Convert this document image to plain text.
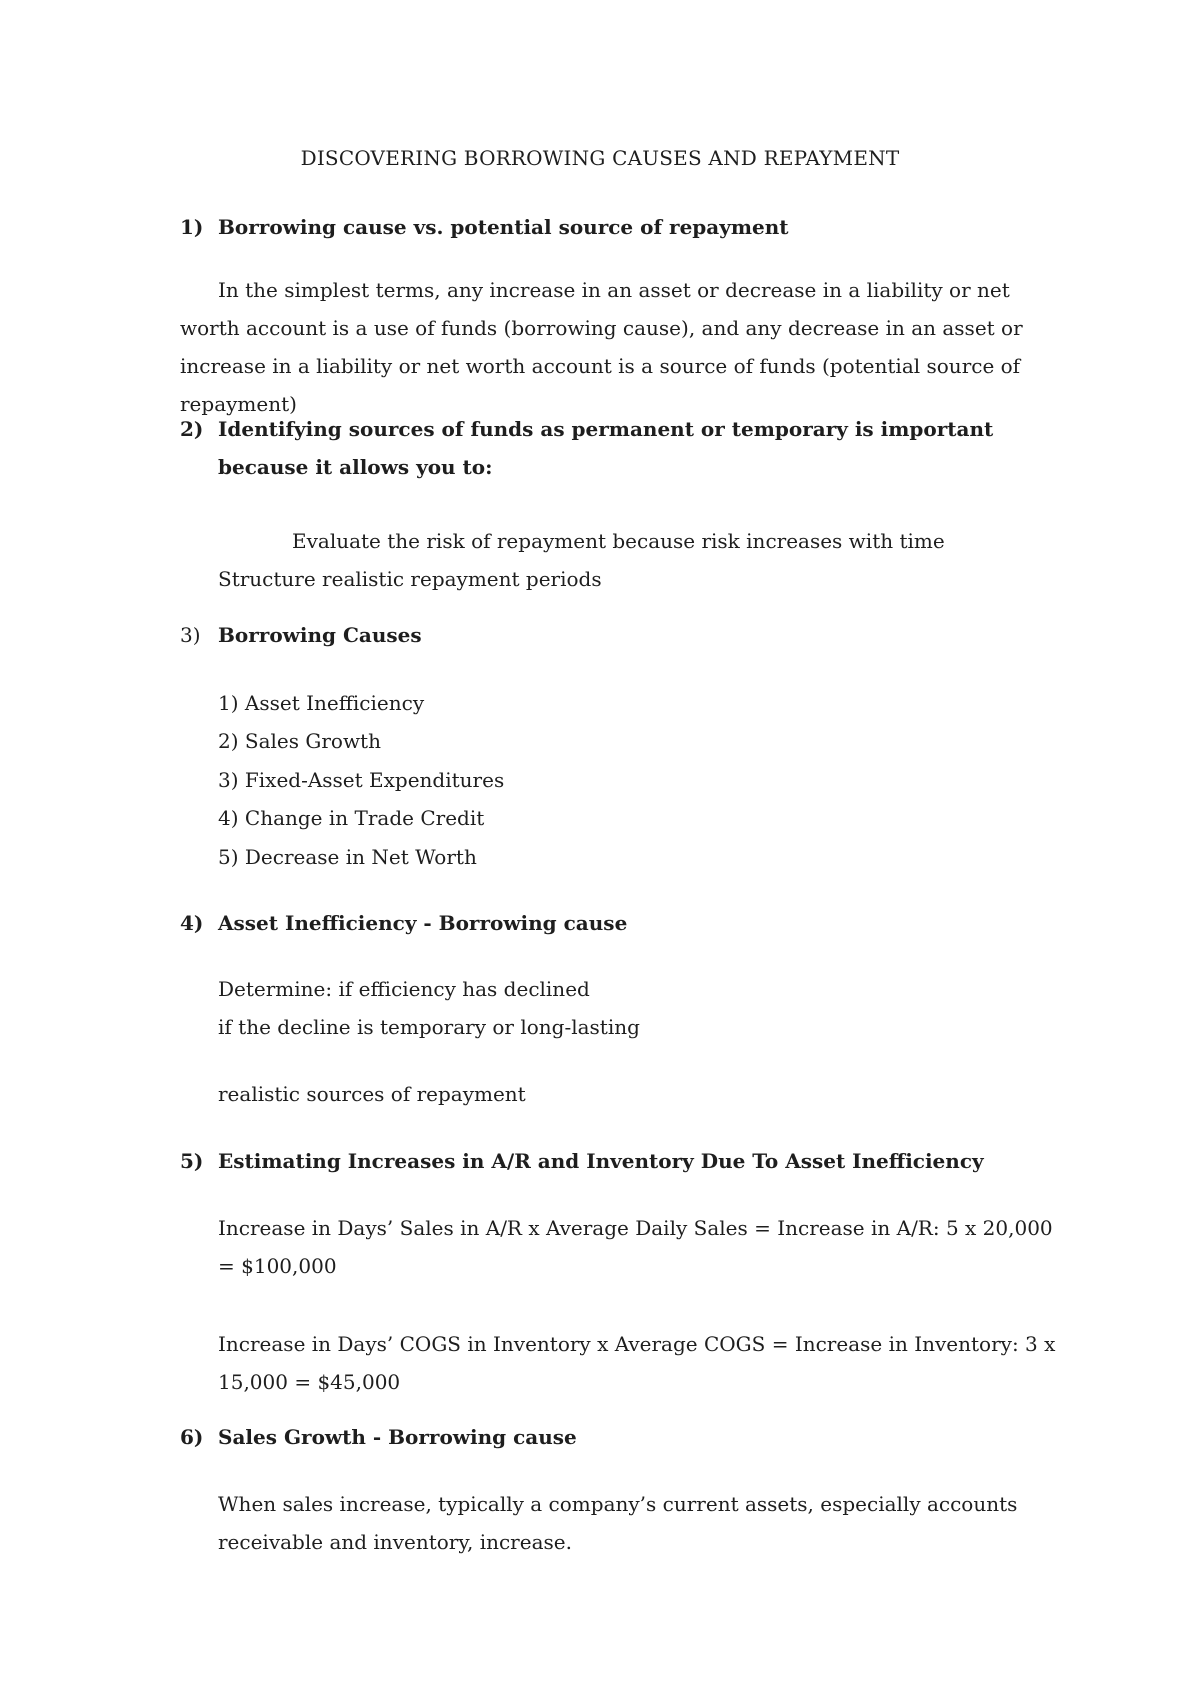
DISCOVERING BORROWING CAUSES AND REPAYMENT
1) Borrowing cause vs. potential source of repayment
In the simplest terms, any increase in an asset or decrease in a liability or net worth account is a use of funds (borrowing cause), and any decrease in an asset or increase in a liability or net worth account is a source of funds (potential source of repayment)
2) Identifying sources of funds as permanent or temporary is important because it allows you to:
Evaluate the risk of repayment because risk increases with time
Structure realistic repayment periods
3) Borrowing Causes
1) Asset Inefficiency
2) Sales Growth
3) Fixed-Asset Expenditures
4) Change in Trade Credit
5) Decrease in Net Worth
4) Asset Inefficiency - Borrowing cause
Determine: if efficiency has declined
if the decline is temporary or long-lasting
realistic sources of repayment
5) Estimating Increases in A/R and Inventory Due To Asset Inefficiency
Increase in Days’ Sales in A/R x Average Daily Sales = Increase in A/R: 5 x 20,000 = $100,000
Increase in Days’ COGS in Inventory x Average COGS = Increase in Inventory: 3 x 15,000 = $45,000
6) Sales Growth - Borrowing cause
When sales increase, typically a company’s current assets, especially accounts receivable and inventory, increase.
